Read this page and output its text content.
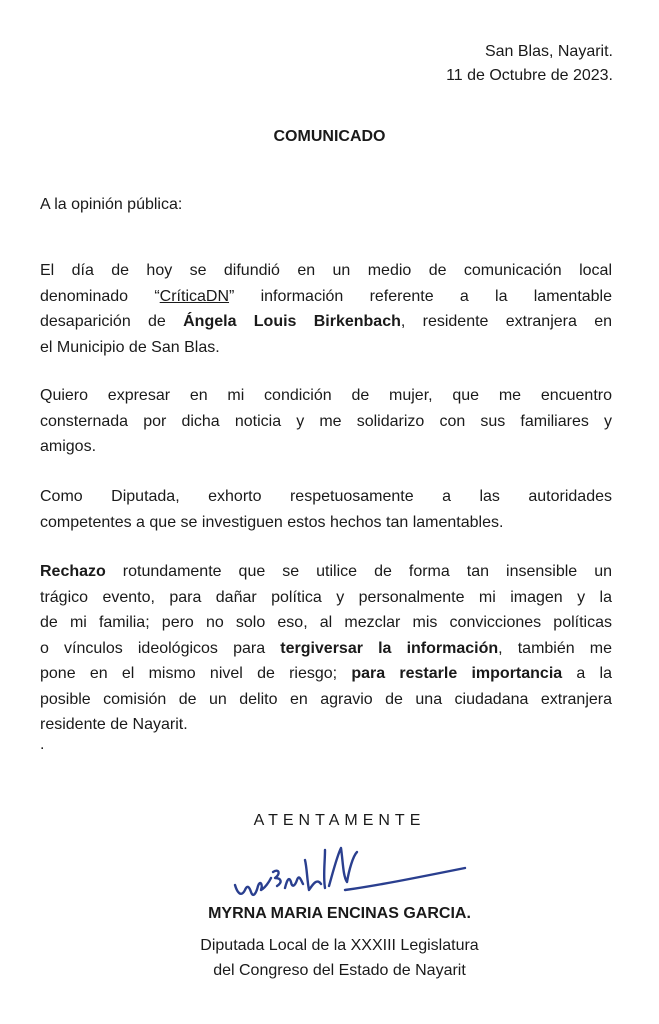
San Blas, Nayarit.
11 de Octubre de 2023.
COMUNICADO
A la opinión pública:
El día de hoy se difundió en un medio de comunicación local
denominado “CríticaDN” información referente a la lamentable
desaparición de Ángela Louis Birkenbach, residente extranjera en
el Municipio de San Blas.
Quiero expresar en mi condición de mujer, que me encuentro
consternada por dicha noticia y me solidarizo con sus familiares y
amigos.
Como Diputada, exhorto respetuosamente a las autoridades
competentes a que se investiguen estos hechos tan lamentables.
Rechazo rotundamente que se utilice de forma tan insensible un
trágico evento, para dañar política y personalmente mi imagen y la
de mi familia; pero no solo eso, al mezclar mis convicciones políticas
o vínculos ideológicos para tergiversar la información, también me
pone en el mismo nivel de riesgo; para restarle importancia a la
posible comisión de un delito en agravio de una ciudadana extranjera
residente de Nayarit.
.
ATENTAMENTE
MYRNA MARIA ENCINAS GARCIA.
Diputada Local de la XXXIII Legislatura
del Congreso del Estado de Nayarit
